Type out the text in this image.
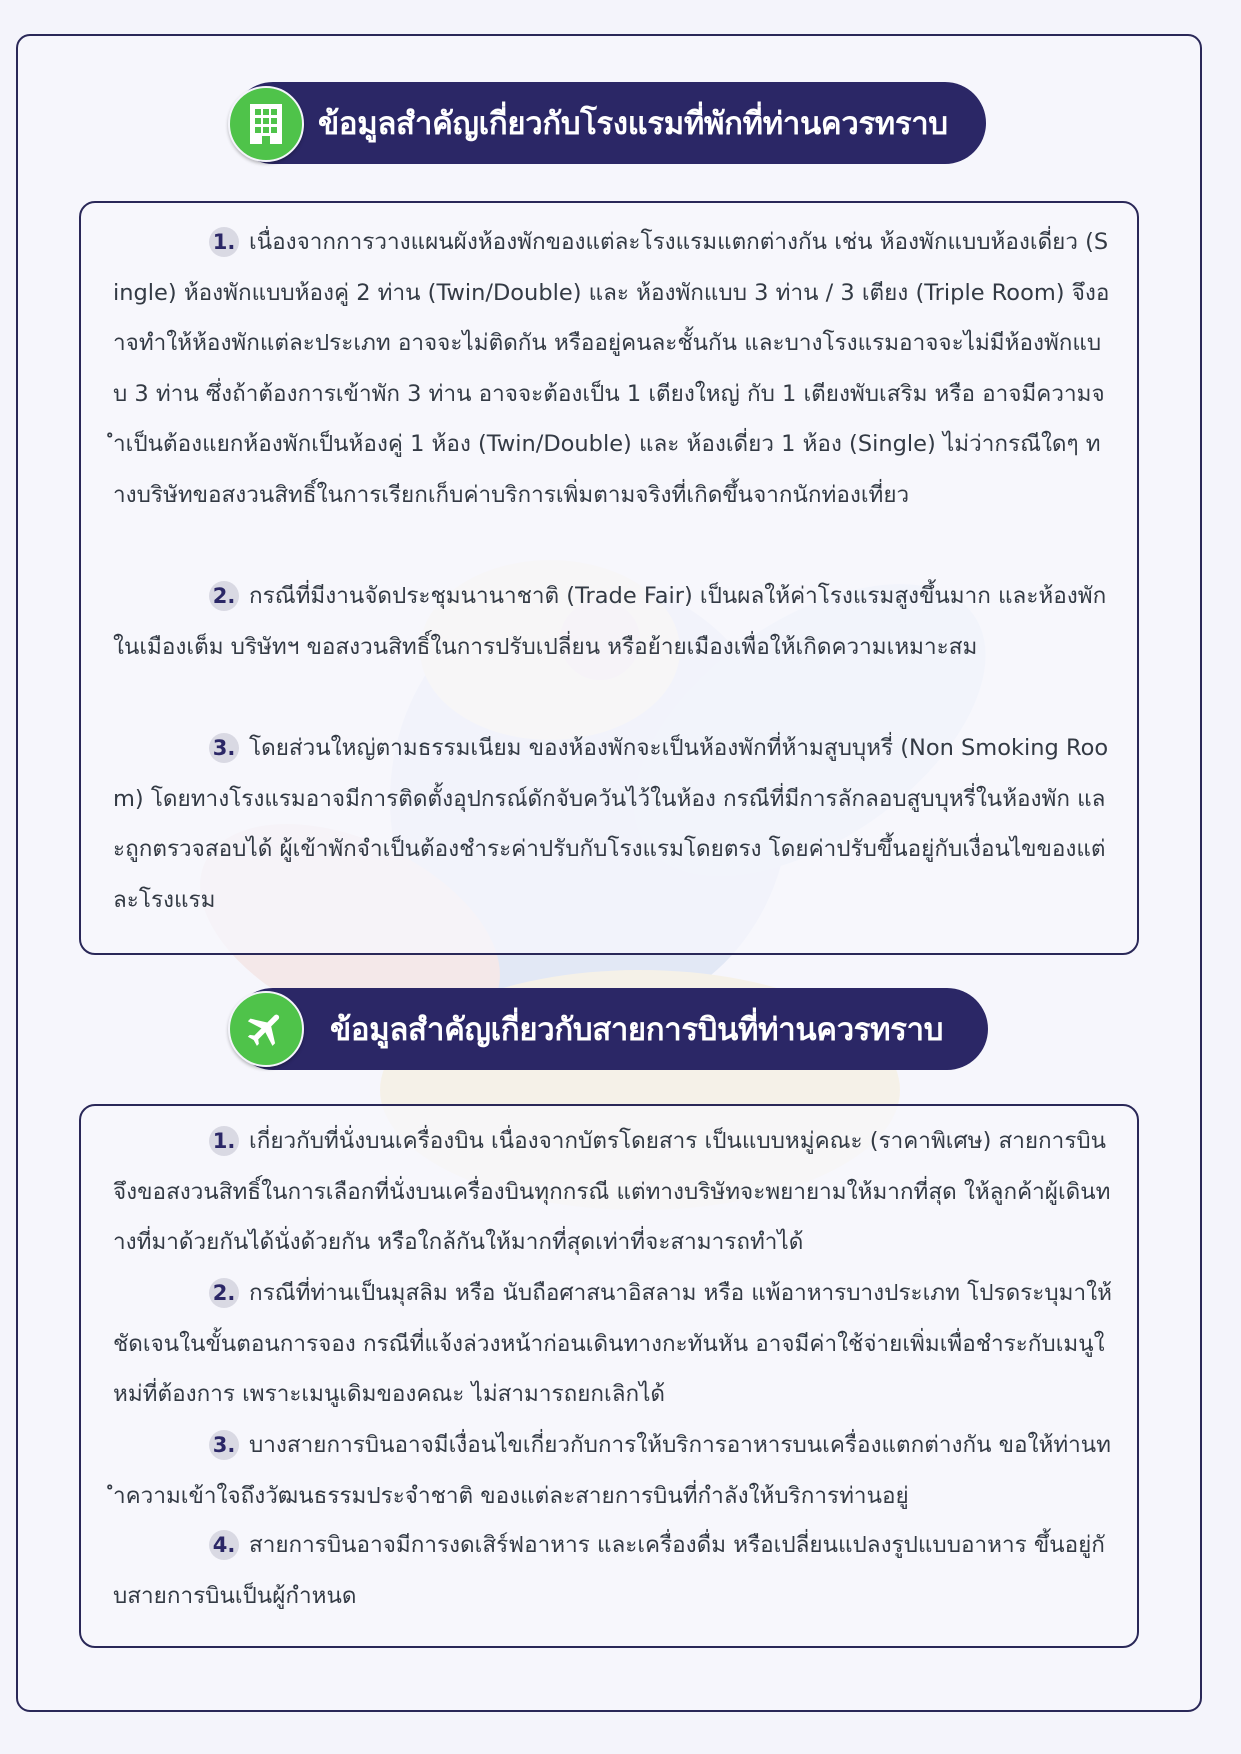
ข้อมูลสำคัญเกี่ยวกับโรงแรมที่พักที่ท่านควรทราบ
1. เนื่องจากการวางแผนผังห้องพักของแต่ละโรงแรมแตกต่างกัน เช่น ห้องพักแบบห้องเดี่ยว (Single) ห้องพักแบบห้องคู่ 2 ท่าน (Twin/Double) และ ห้องพักแบบ 3 ท่าน / 3 เตียง (Triple Room) จึงอาจทำให้ห้องพักแต่ละประเภท อาจจะไม่ติดกัน หรืออยู่คนละชั้นกัน และบางโรงแรมอาจจะไม่มีห้องพักแบบ 3 ท่าน ซึ่งถ้าต้องการเข้าพัก 3 ท่าน อาจจะต้องเป็น 1 เตียงใหญ่ กับ 1 เตียงพับเสริม หรือ อาจมีความจำเป็นต้องแยกห้องพักเป็นห้องคู่ 1 ห้อง (Twin/Double) และ ห้องเดี่ยว 1 ห้อง (Single) ไม่ว่ากรณีใดๆ ทางบริษัทขอสงวนสิทธิ์ในการเรียกเก็บค่าบริการเพิ่มตามจริงที่เกิดขึ้นจากนักท่องเที่ยว
2. กรณีที่มีงานจัดประชุมนานาชาติ (Trade Fair) เป็นผลให้ค่าโรงแรมสูงขึ้นมาก และห้องพักในเมืองเต็ม บริษัทฯ ขอสงวนสิทธิ์ในการปรับเปลี่ยน หรือย้ายเมืองเพื่อให้เกิดความเหมาะสม
3. โดยส่วนใหญ่ตามธรรมเนียม ของห้องพักจะเป็นห้องพักที่ห้ามสูบบุหรี่ (Non Smoking Room) โดยทางโรงแรมอาจมีการติดตั้งอุปกรณ์ดักจับควันไว้ในห้อง กรณีที่มีการลักลอบสูบบุหรี่ในห้องพัก และถูกตรวจสอบได้ ผู้เข้าพักจำเป็นต้องชำระค่าปรับกับโรงแรมโดยตรง โดยค่าปรับขึ้นอยู่กับเงื่อนไขของแต่ละโรงแรม
ข้อมูลสำคัญเกี่ยวกับสายการบินที่ท่านควรทราบ
1. เกี่ยวกับที่นั่งบนเครื่องบิน เนื่องจากบัตรโดยสาร เป็นแบบหมู่คณะ (ราคาพิเศษ) สายการบินจึงขอสงวนสิทธิ์ในการเลือกที่นั่งบนเครื่องบินทุกกรณี แต่ทางบริษัทจะพยายามให้มากที่สุด ให้ลูกค้าผู้เดินทางที่มาด้วยกันได้นั่งด้วยกัน หรือใกล้กันให้มากที่สุดเท่าที่จะสามารถทำได้
2. กรณีที่ท่านเป็นมุสลิม หรือ นับถือศาสนาอิสลาม หรือ แพ้อาหารบางประเภท โปรดระบุมาให้ชัดเจนในขั้นตอนการจอง กรณีที่แจ้งล่วงหน้าก่อนเดินทางกะทันหัน อาจมีค่าใช้จ่ายเพิ่มเพื่อชำระกับเมนูใหม่ที่ต้องการ เพราะเมนูเดิมของคณะ ไม่สามารถยกเลิกได้
3. บางสายการบินอาจมีเงื่อนไขเกี่ยวกับการให้บริการอาหารบนเครื่องแตกต่างกัน ขอให้ท่านทำความเข้าใจถึงวัฒนธรรมประจำชาติ ของแต่ละสายการบินที่กำลังให้บริการท่านอยู่
4. สายการบินอาจมีการงดเสิร์ฟอาหาร และเครื่องดื่ม หรือเปลี่ยนแปลงรูปแบบอาหาร ขึ้นอยู่กับสายการบินเป็นผู้กำหนด
